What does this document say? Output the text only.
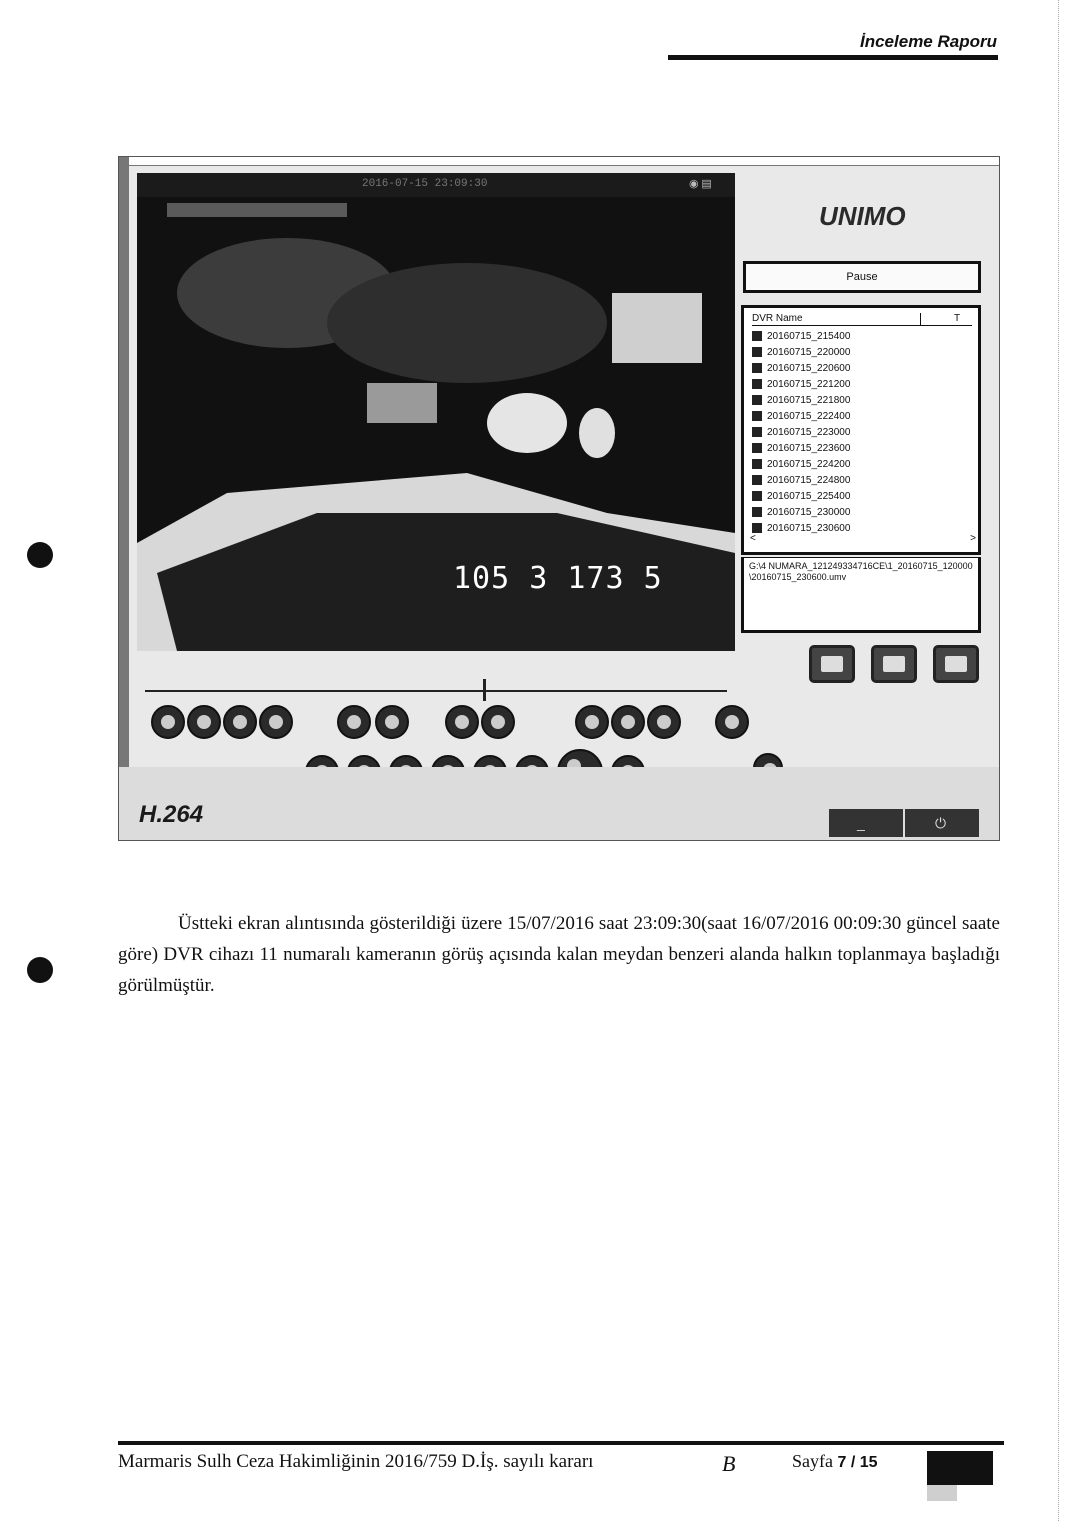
İnceleme Raporu
2016-07-15 23:09:30	◉ ▤
105 3 173 5
UNIMO
Pause
DVR Name	T
20160715_215400
20160715_220000
20160715_220600
20160715_221200
20160715_221800
20160715_222400
20160715_223000
20160715_223600
20160715_224200
20160715_224800
20160715_225400
20160715_230000
20160715_230600
<	>
G:\4 NUMARA_121249334716CE\1_20160715_120000\20160715_230600.umv
H.264	_	⏻
Üstteki ekran alıntısında gösterildiği üzere 15/07/2016 saat 23:09:30(saat 16/07/2016 00:09:30 güncel saate göre) DVR cihazı 11 numaralı kameranın görüş açısında kalan meydan benzeri alanda halkın toplanmaya başladığı görülmüştür.
Marmaris Sulh Ceza Hakimliğinin 2016/759 D.İş. sayılı kararı	B	Sayfa 7 / 15
